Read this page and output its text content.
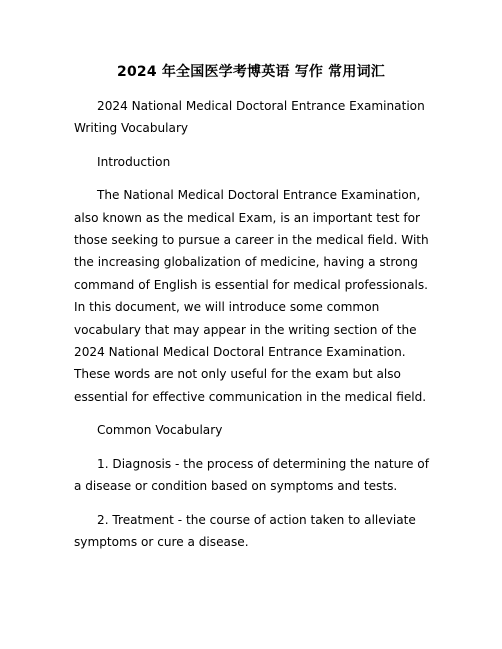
2024 年全国医学考博英语 写作 常用词汇

2024 National Medical Doctoral Entrance Examination Writing Vocabulary

Introduction

The National Medical Doctoral Entrance Examination, also known as the medical Exam, is an important test for those seeking to pursue a career in the medical field. With the increasing globalization of medicine, having a strong command of English is essential for medical professionals. In this document, we will introduce some common vocabulary that may appear in the writing section of the 2024 National Medical Doctoral Entrance Examination. These words are not only useful for the exam but also essential for effective communication in the medical field.

Common Vocabulary

1. Diagnosis - the process of determining the nature of a disease or condition based on symptoms and tests.

2. Treatment - the course of action taken to alleviate symptoms or cure a disease.
